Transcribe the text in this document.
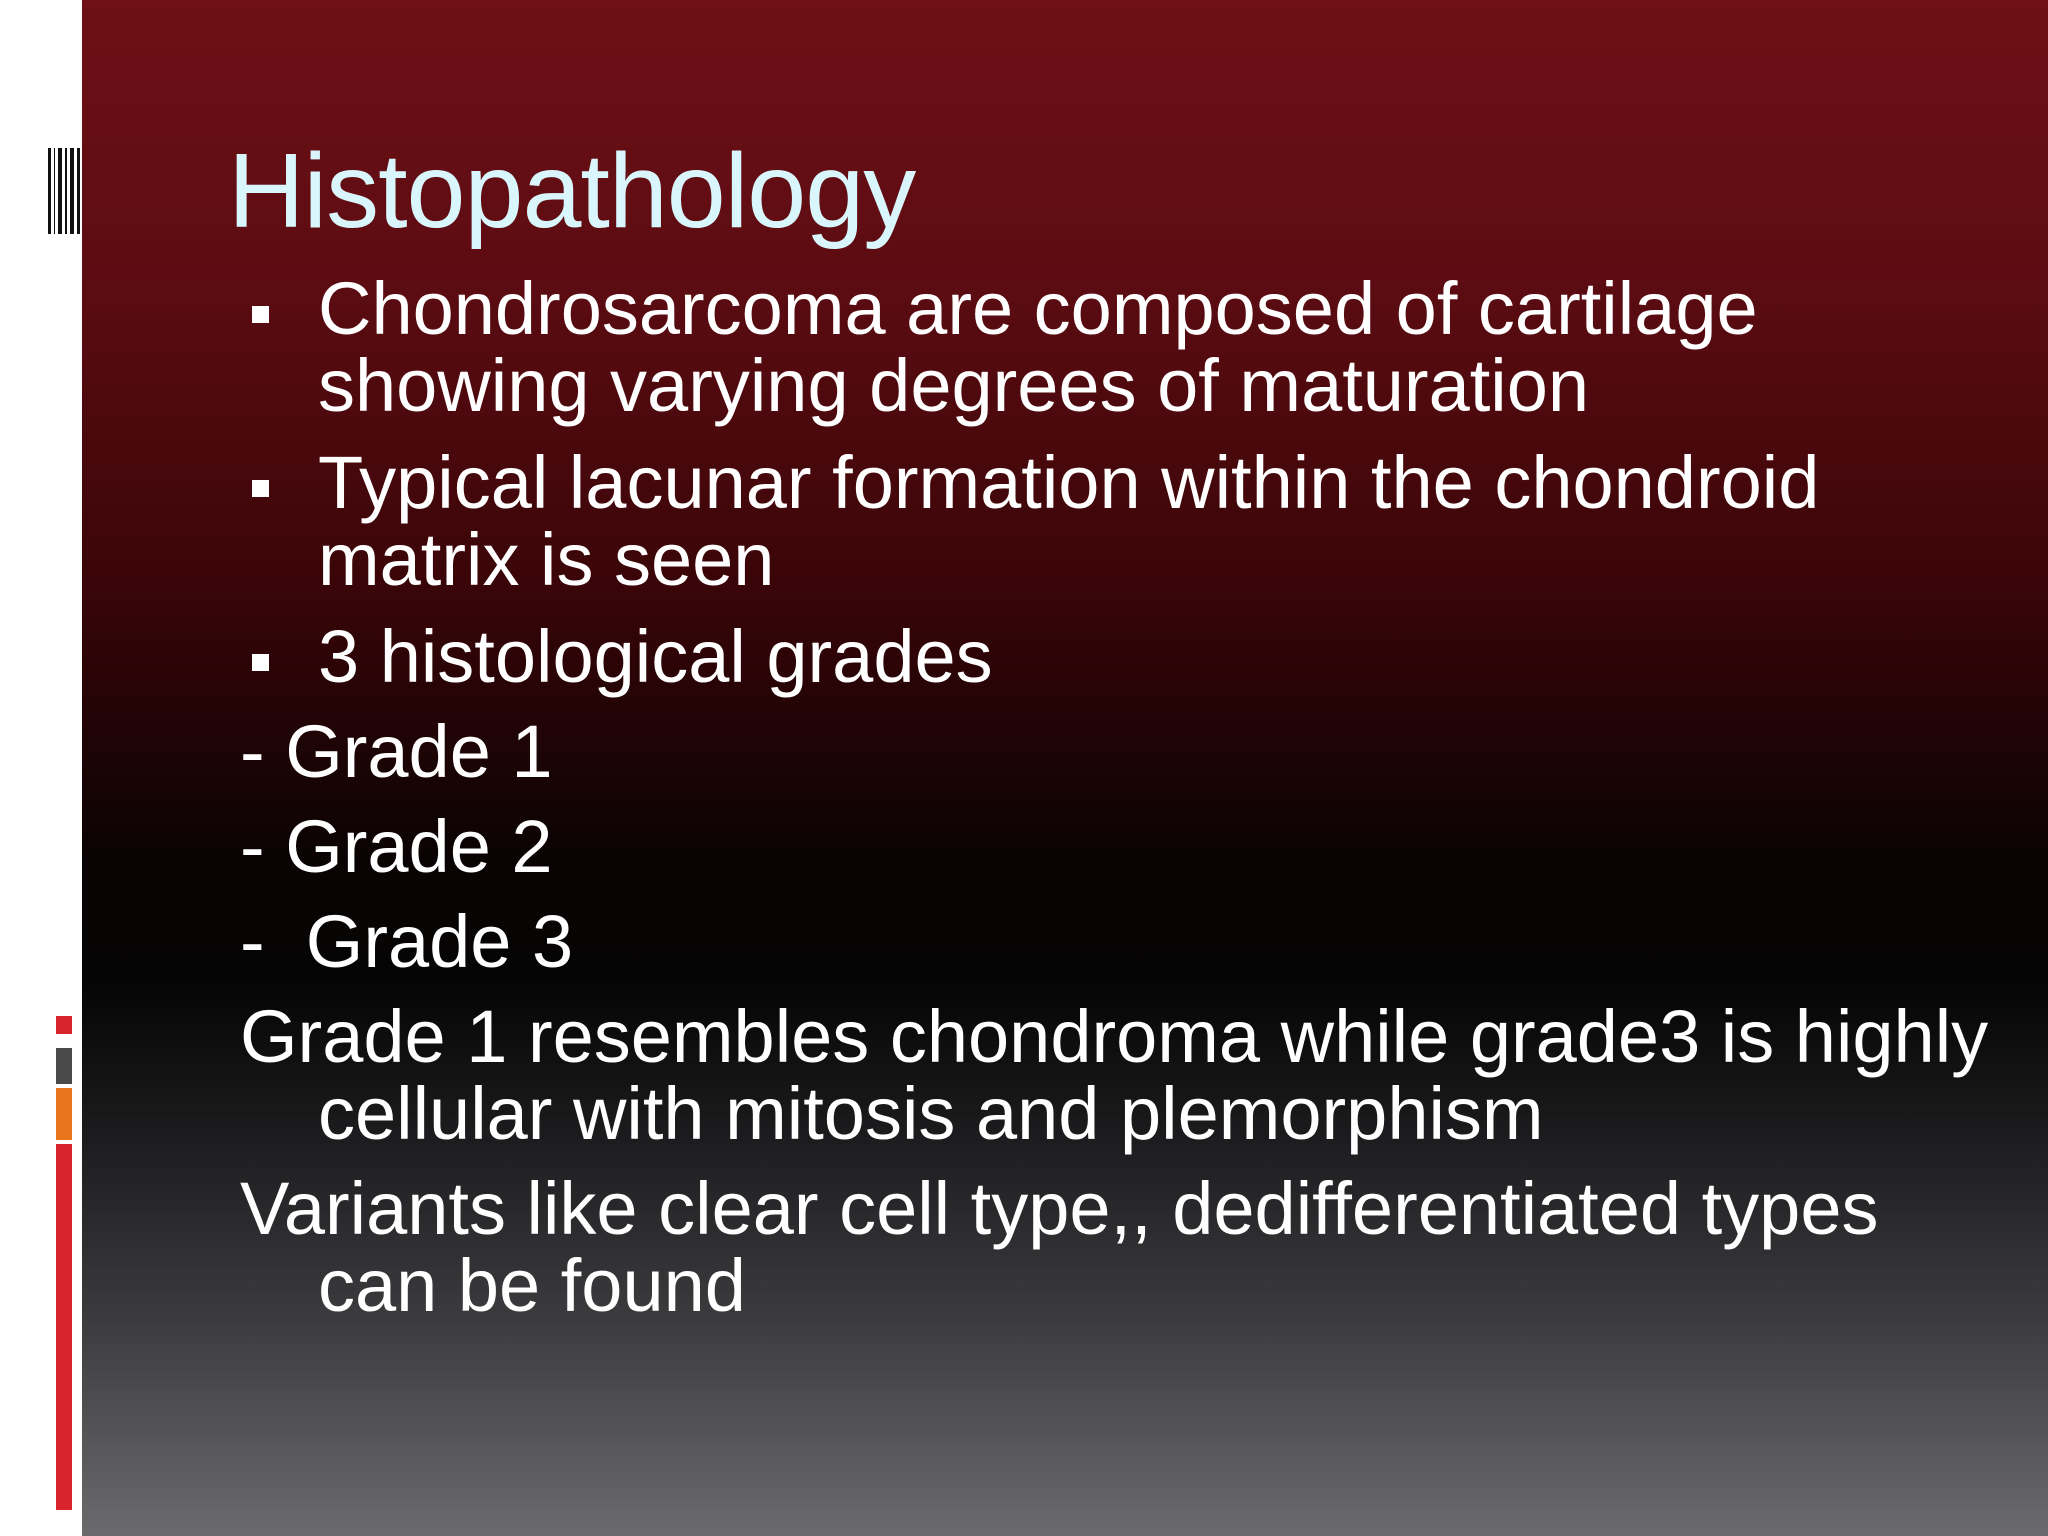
Histopathology
Chondrosarcoma are composed of cartilage showing varying degrees of maturation
Typical lacunar formation within the chondroid matrix is seen
3 histological grades
- Grade 1
- Grade 2
-  Grade 3
Grade 1 resembles chondroma while grade3 is highly cellular with mitosis and plemorphism
Variants like clear cell type,, dedifferentiated types can be found
